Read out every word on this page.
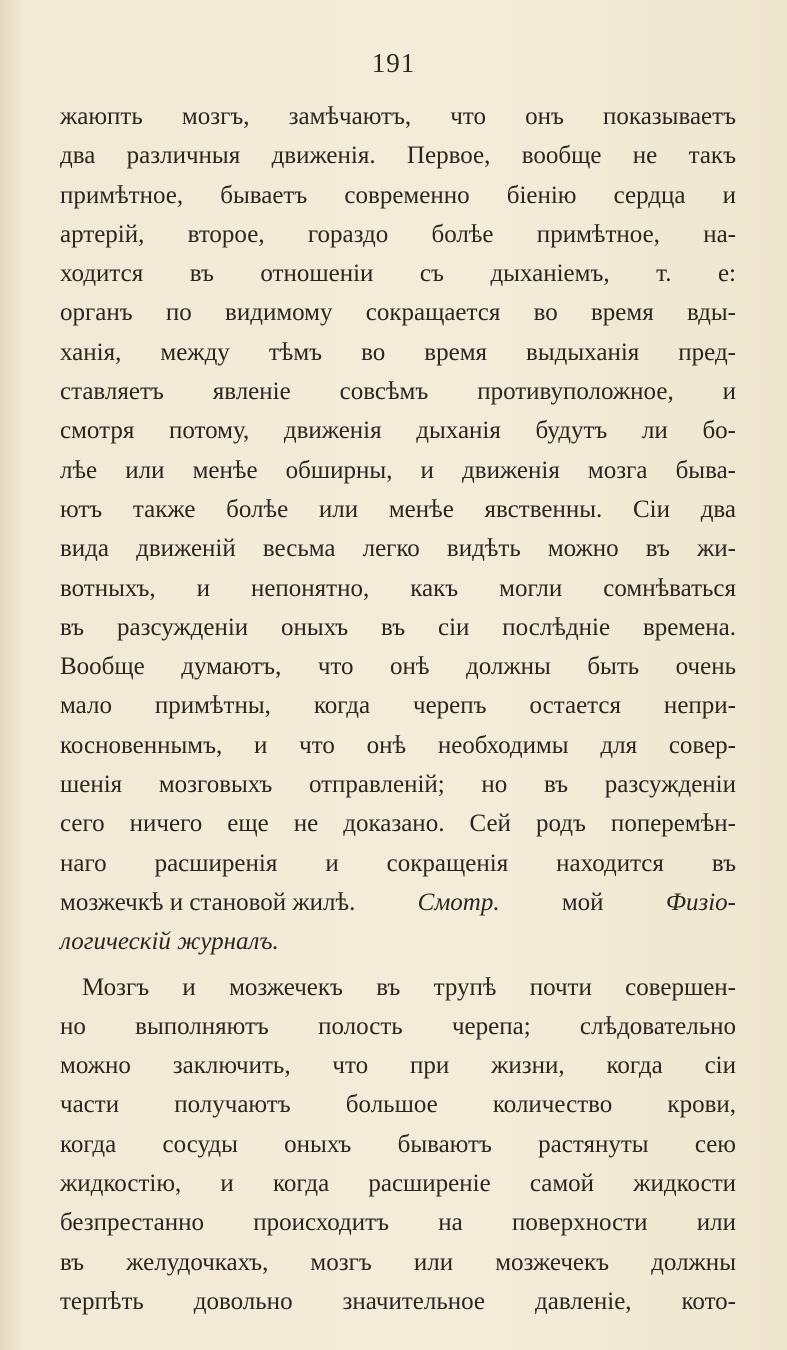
191
жаюпть мозгъ, замѣчаютъ, что онъ показываетъ
два различныя движенія. Первое, вообще не такъ
примѣтное, бываетъ современно біенію сердца и
артерій, второе, гораздо болѣе примѣтное, на-
ходится въ отношеніи съ дыханіемъ, т. е:
органъ по видимому сокращается во время вды-
ханія, между тѣмъ во время выдыханія пред-
ставляетъ явленіе совсѣмъ противуположное, и
смотря потому, движенія дыханія будутъ ли бо-
лѣе или менѣе обширны, и движенія мозга быва-
ютъ также болѣе или менѣе явственны. Сіи два
вида движеній весьма легко видѣть можно въ жи-
вотныхъ, и непонятно, какъ могли сомнѣваться
въ разсужденіи оныхъ въ сіи послѣдніе времена.
Вообще думаютъ, что онѣ должны быть очень
мало примѣтны, когда черепъ остается непри-
косновеннымъ, и что онѣ необходимы для совер-
шенія мозговыхъ отправленій; но въ разсужденіи
сего ничего еще не доказано. Сей родъ поперемѣн-
наго расширенія и сокращенія находится въ
мозжечкѣ и становой жилѣ. Смотр. мой Физіо-
логическій журналъ.
Мозгъ и мозжечекъ въ трупѣ почти совершен-
но выполняютъ полость черепа; слѣдовательно
можно заключить, что при жизни, когда сіи
части получаютъ большое количество крови,
когда сосуды оныхъ бываютъ растянуты сею
жидкостію, и когда расширеніе самой жидкости
безпрестанно происходитъ на поверхности или
въ желудочкахъ, мозгъ или мозжечекъ должны
терпѣть довольно значительное давленіе, кото-
